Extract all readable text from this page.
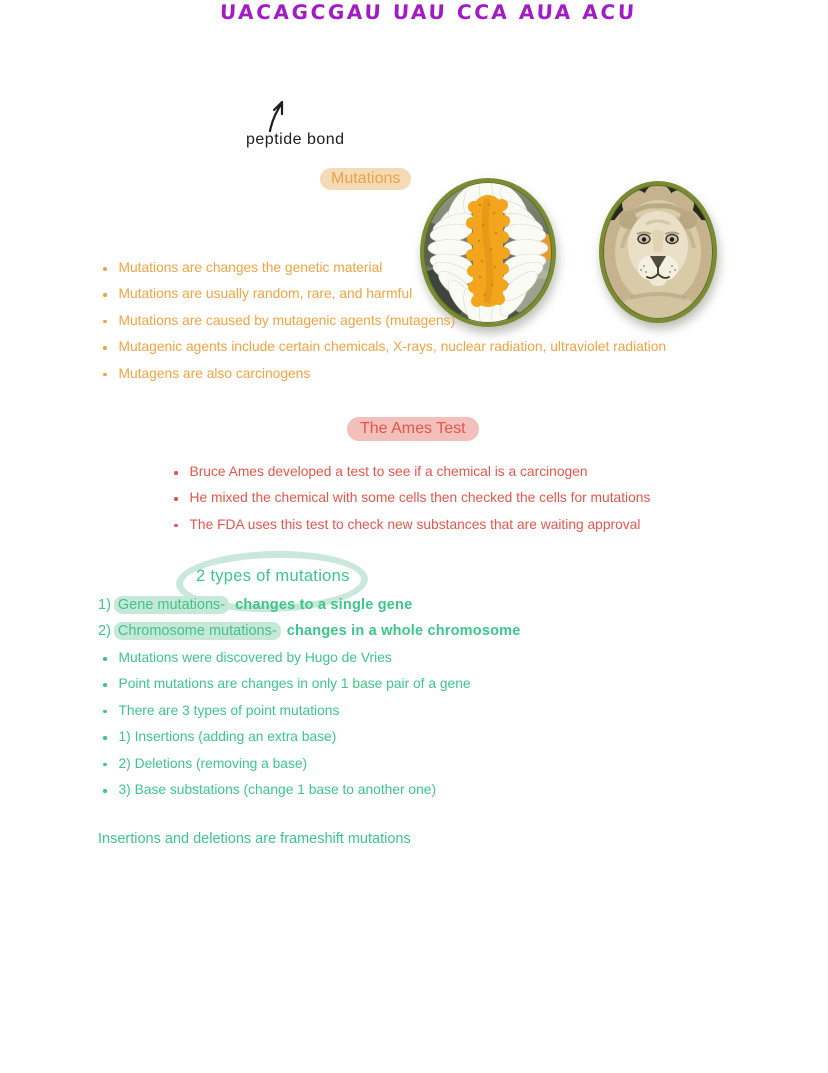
UACAGCGAU UAU CCA AUA ACU
peptide bond
Mutations
Mutations are changes the genetic material
Mutations are usually random, rare, and harmful
Mutations are caused by mutagenic agents (mutagens)
Mutagenic agents include certain chemicals, X-rays, nuclear radiation, ultraviolet radiation
Mutagens are also carcinogens
The Ames Test
Bruce Ames developed a test to see if a chemical is a carcinogen
He mixed the chemical with some cells then checked the cells for mutations
The FDA uses this test to check new substances that are waiting approval
2 types of mutations
1) Gene mutations- changes to a single gene
2) Chromosome mutations- changes in a whole chromosome
Mutations were discovered by Hugo de Vries
Point mutations are changes in only 1 base pair of a gene
There are 3 types of point mutations
1) Insertions (adding an extra base)
2) Deletions (removing a base)
3) Base substations (change 1 base to another one)
Insertions and deletions are frameshift mutations
